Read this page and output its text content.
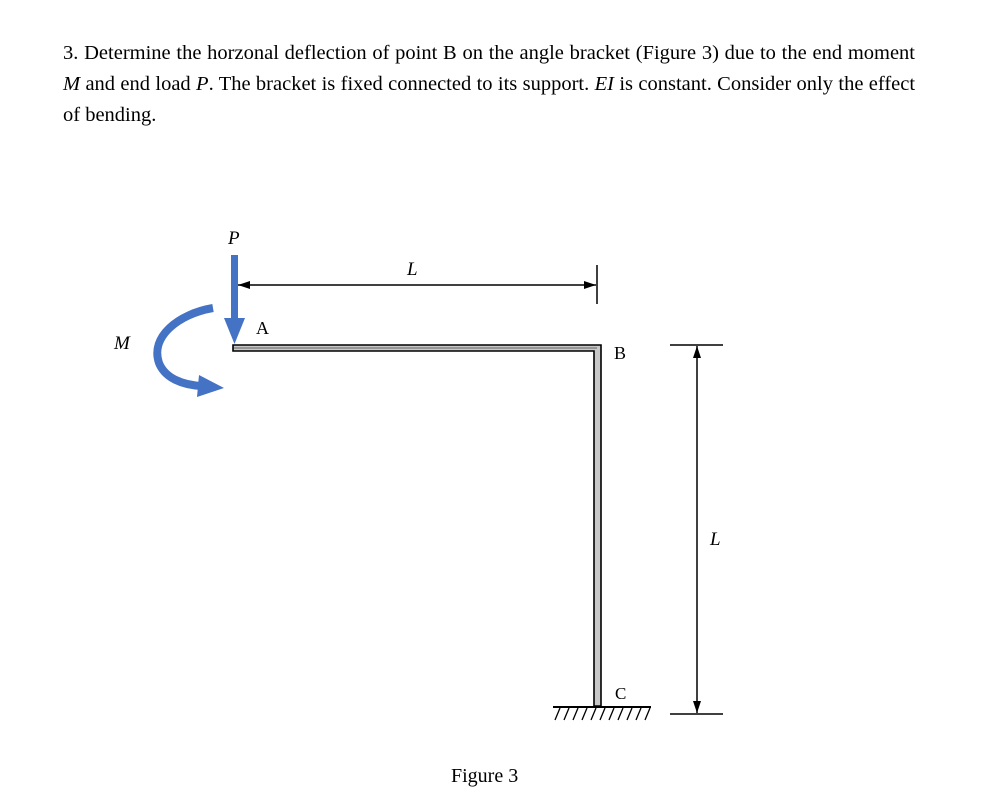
3. Determine the horzonal deflection of point B on the angle bracket (Figure 3) due to the end moment M and end load P. The bracket is fixed connected to its support. EI is constant. Consider only the effect of bending.

P
M
A
B
C
L
L
Figure 3
